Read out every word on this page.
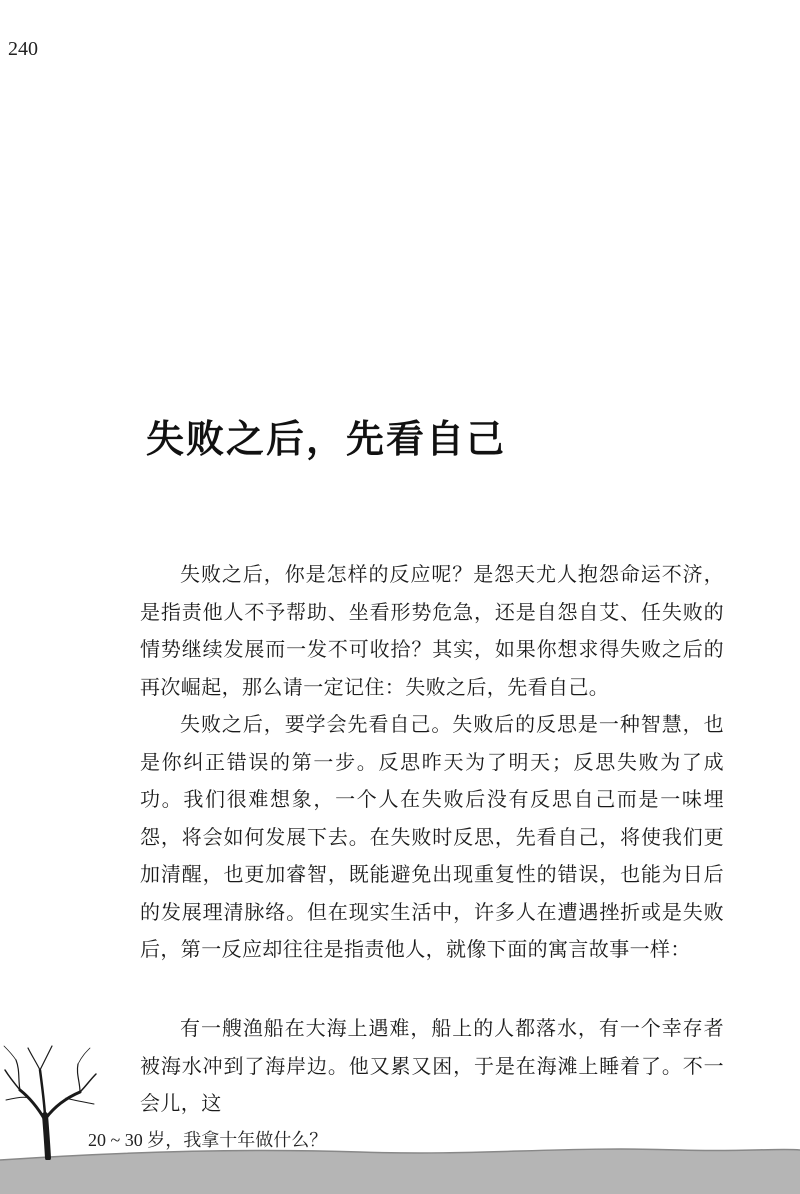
240
失败之后，先看自己

失败之后，你是怎样的反应呢？是怨天尤人抱怨命运不济，是指责他人不予帮助、坐看形势危急，还是自怨自艾、任失败的情势继续发展而一发不可收拾？其实，如果你想求得失败之后的再次崛起，那么请一定记住：失败之后，先看自己。

失败之后，要学会先看自己。失败后的反思是一种智慧，也是你纠正错误的第一步。反思昨天为了明天；反思失败为了成功。我们很难想象，一个人在失败后没有反思自己而是一味埋怨，将会如何发展下去。在失败时反思，先看自己，将使我们更加清醒，也更加睿智，既能避免出现重复性的错误，也能为日后的发展理清脉络。但在现实生活中，许多人在遭遇挫折或是失败后，第一反应却往往是指责他人，就像下面的寓言故事一样：

有一艘渔船在大海上遇难，船上的人都落水，有一个幸存者被海水冲到了海岸边。他又累又困，于是在海滩上睡着了。不一会儿，这

20 ~ 30 岁，我拿十年做什么？
